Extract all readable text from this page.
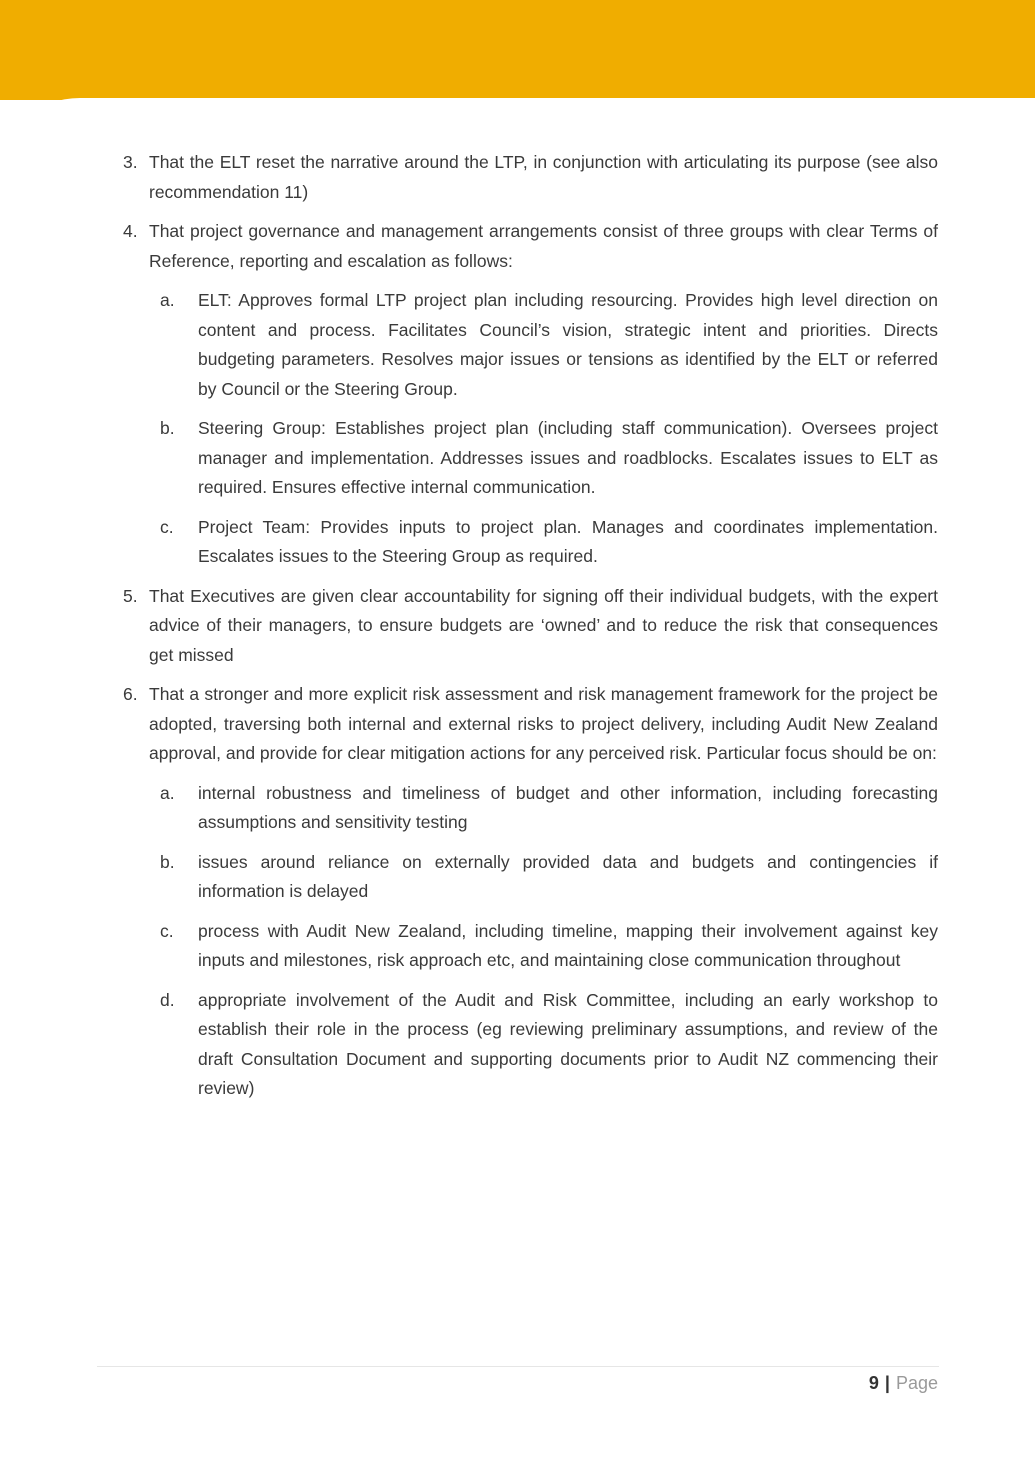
3. That the ELT reset the narrative around the LTP, in conjunction with articulating its purpose (see also recommendation 11)
4. That project governance and management arrangements consist of three groups with clear Terms of Reference, reporting and escalation as follows:
a.	ELT: Approves formal LTP project plan including resourcing. Provides high level direction on content and process. Facilitates Council’s vision, strategic intent and priorities. Directs budgeting parameters. Resolves major issues or tensions as identified by the ELT or referred by Council or the Steering Group.
b.	Steering Group: Establishes project plan (including staff communication). Oversees project manager and implementation. Addresses issues and roadblocks. Escalates issues to ELT as required. Ensures effective internal communication.
c.	Project Team: Provides inputs to project plan. Manages and coordinates implementation. Escalates issues to the Steering Group as required.
5. That Executives are given clear accountability for signing off their individual budgets, with the expert advice of their managers, to ensure budgets are ‘owned’ and to reduce the risk that consequences get missed
6. That a stronger and more explicit risk assessment and risk management framework for the project be adopted, traversing both internal and external risks to project delivery, including Audit New Zealand approval, and provide for clear mitigation actions for any perceived risk. Particular focus should be on:
a.	internal robustness and timeliness of budget and other information, including forecasting assumptions and sensitivity testing
b.	issues around reliance on externally provided data and budgets and contingencies if information is delayed
c.	process with Audit New Zealand, including timeline, mapping their involvement against key inputs and milestones, risk approach etc, and maintaining close communication throughout
d.	appropriate involvement of the Audit and Risk Committee, including an early workshop to establish their role in the process (eg reviewing preliminary assumptions, and review of the draft Consultation Document and supporting documents prior to Audit NZ commencing their review)
9 | Page
